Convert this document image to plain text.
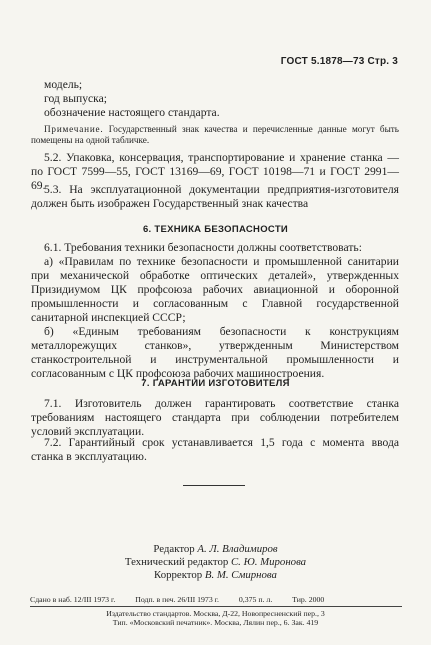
ГОСТ 5.1878—73 Стр. 3

модель;

год выпуска;

обозначение настоящего стандарта.

Примечание. Государственный знак качества и перечисленные данные могут быть помещены на одной табличке.

5.2. Упаковка, консервация, транспортирование и хранение станка — по ГОСТ 7599—55, ГОСТ 13169—69, ГОСТ 10198—71 и ГОСТ 2991—69.

5.3. На эксплуатационной документации предприятия-изготовителя должен быть изображен Государственный знак качества

6. ТЕХНИКА БЕЗОПАСНОСТИ

6.1. Требования техники безопасности должны соответствовать:

а) «Правилам по технике безопасности и промышленной санитарии при механической обработке оптических деталей», утвержденных Призидиумом ЦК профсоюза рабочих авиационной и оборонной промышленности и согласованным с Главной государственной санитарной инспекцией СССР;

б) «Единым требованиям безопасности к конструкциям металлорежущих станков», утвержденным Министерством станкостроительной и инструментальной промышленности и согласованным с ЦК профсоюза рабочих машиностроения.

7. ГАРАНТИИ ИЗГОТОВИТЕЛЯ

7.1. Изготовитель должен гарантировать соответствие станка требованиям настоящего стандарта при соблюдении потребителем условий эксплуатации.

7.2. Гарантийный срок устанавливается 1,5 года с момента ввода станка в эксплуатацию.

Редактор А. Л. Владимиров
Технический редактор С. Ю. Миронова
Корректор В. М. Смирнова
Сдано в наб. 12/III 1973 г.	Подп. в печ. 26/III 1973 г.	0,375 п. л.	Тир. 2000
Издательство стандартов. Москва, Д-22, Новопресненский пер., 3
Тип. «Московский печатник». Москва, Лялин пер., 6. Зак. 419
